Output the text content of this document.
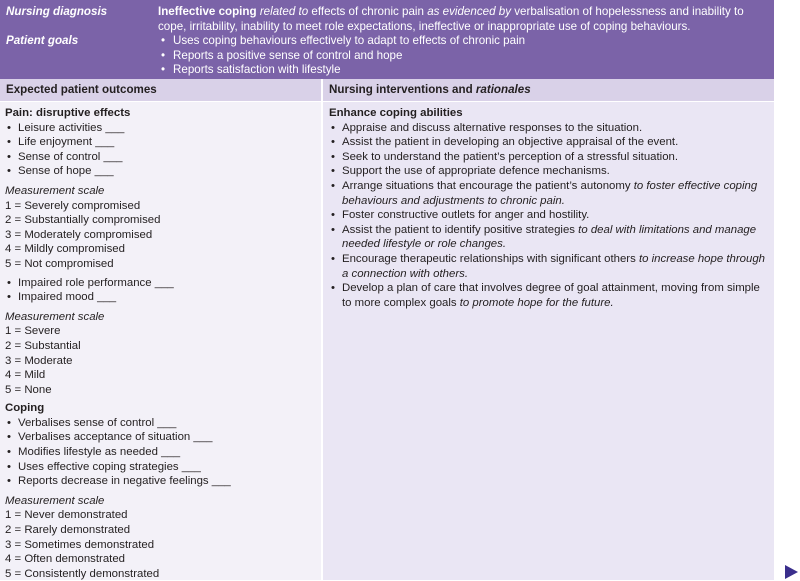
Nursing diagnosis	Ineffective coping related to effects of chronic pain as evidenced by verbalisation of hopelessness and inability to cope, irritability, inability to meet role expectations, ineffective or inappropriate use of coping behaviours.
Patient goals
•	Uses coping behaviours effectively to adapt to effects of chronic pain
• Reports a positive sense of control and hope
• Reports satisfaction with lifestyle
Expected patient outcomes	Nursing interventions and rationales
Pain: disruptive effects
• Leisure activities ___
• Life enjoyment ___
• Sense of control ___
• Sense of hope ___
Measurement scale
1 = Severely compromised
2 = Substantially compromised
3 = Moderately compromised
4 = Mildly compromised
5 = Not compromised
• Impaired role performance ___
• Impaired mood ___
Measurement scale
1 = Severe
2 = Substantial
3 = Moderate
4 = Mild
5 = None
Coping
• Verbalises sense of control ___
• Verbalises acceptance of situation ___
• Modifies lifestyle as needed ___
• Uses effective coping strategies ___
• Reports decrease in negative feelings ___
Measurement scale
1 = Never demonstrated
2 = Rarely demonstrated
3 = Sometimes demonstrated
4 = Often demonstrated
5 = Consistently demonstrated
Enhance coping abilities
• Appraise and discuss alternative responses to the situation.
• Assist the patient in developing an objective appraisal of the event.
• Seek to understand the patient’s perception of a stressful situation.
• Support the use of appropriate defence mechanisms.
• Arrange situations that encourage the patient’s autonomy to foster effective coping behaviours and adjustments to chronic pain.
• Foster constructive outlets for anger and hostility.
• Assist the patient to identify positive strategies to deal with limitations and manage needed lifestyle or role changes.
• Encourage therapeutic relationships with significant others to increase hope through a connection with others.
• Develop a plan of care that involves degree of goal attainment, moving from simple to more complex goals to promote hope for the future.
